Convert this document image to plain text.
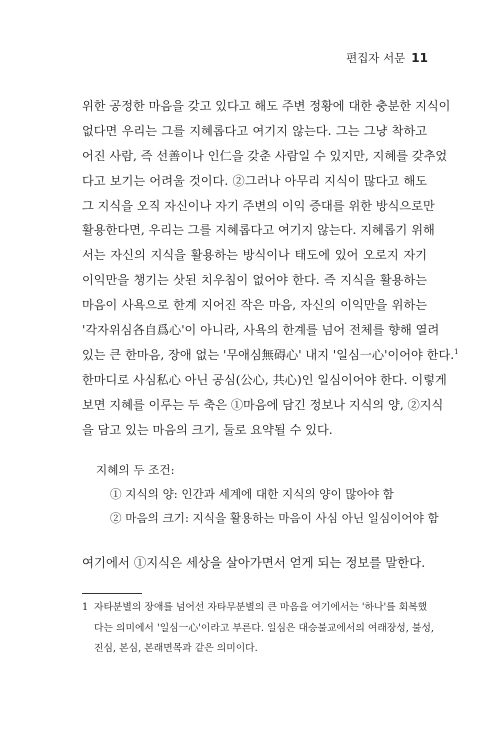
편집자 서문 11
위한 공정한 마음을 갖고 있다고 해도 주변 정황에 대한 충분한 지식이
없다면 우리는 그를 지혜롭다고 여기지 않는다. 그는 그냥 착하고
어진 사람, 즉 선善이나 인仁을 갖춘 사람일 수 있지만, 지혜를 갖추었
다고 보기는 어려울 것이다. ②그러나 아무리 지식이 많다고 해도
그 지식을 오직 자신이나 자기 주변의 이익 증대를 위한 방식으로만
활용한다면, 우리는 그를 지혜롭다고 여기지 않는다. 지혜롭기 위해
서는 자신의 지식을 활용하는 방식이나 태도에 있어 오로지 자기
이익만을 챙기는 삿된 치우침이 없어야 한다. 즉 지식을 활용하는
마음이 사욕으로 한계 지어진 작은 마음, 자신의 이익만을 위하는
'각자위심各自爲心'이 아니라, 사욕의 한계를 넘어 전체를 향해 열려
있는 큰 한마음, 장애 없는 '무애심無碍心' 내지 '일심一心'이어야 한다.$^1$
한마디로 사심私心 아닌 공심(公心, 共心)인 일심이어야 한다. 이렇게
보면 지혜를 이루는 두 축은 ①마음에 담긴 정보나 지식의 양, ②지식
을 담고 있는 마음의 크기, 둘로 요약될 수 있다.
지혜의 두 조건:
① 지식의 양: 인간과 세계에 대한 지식의 양이 많아야 함
② 마음의 크기: 지식을 활용하는 마음이 사심 아닌 일심이어야 함
여기에서 ①지식은 세상을 살아가면서 얻게 되는 정보를 말한다.
1 자타분별의 장애를 넘어선 자타무분별의 큰 마음을 여기에서는 '하나'를 회복했
다는 의미에서 '일심一心'이라고 부른다. 일심은 대승불교에서의 여래장성, 불성,
진심, 본심, 본래면목과 같은 의미이다.
